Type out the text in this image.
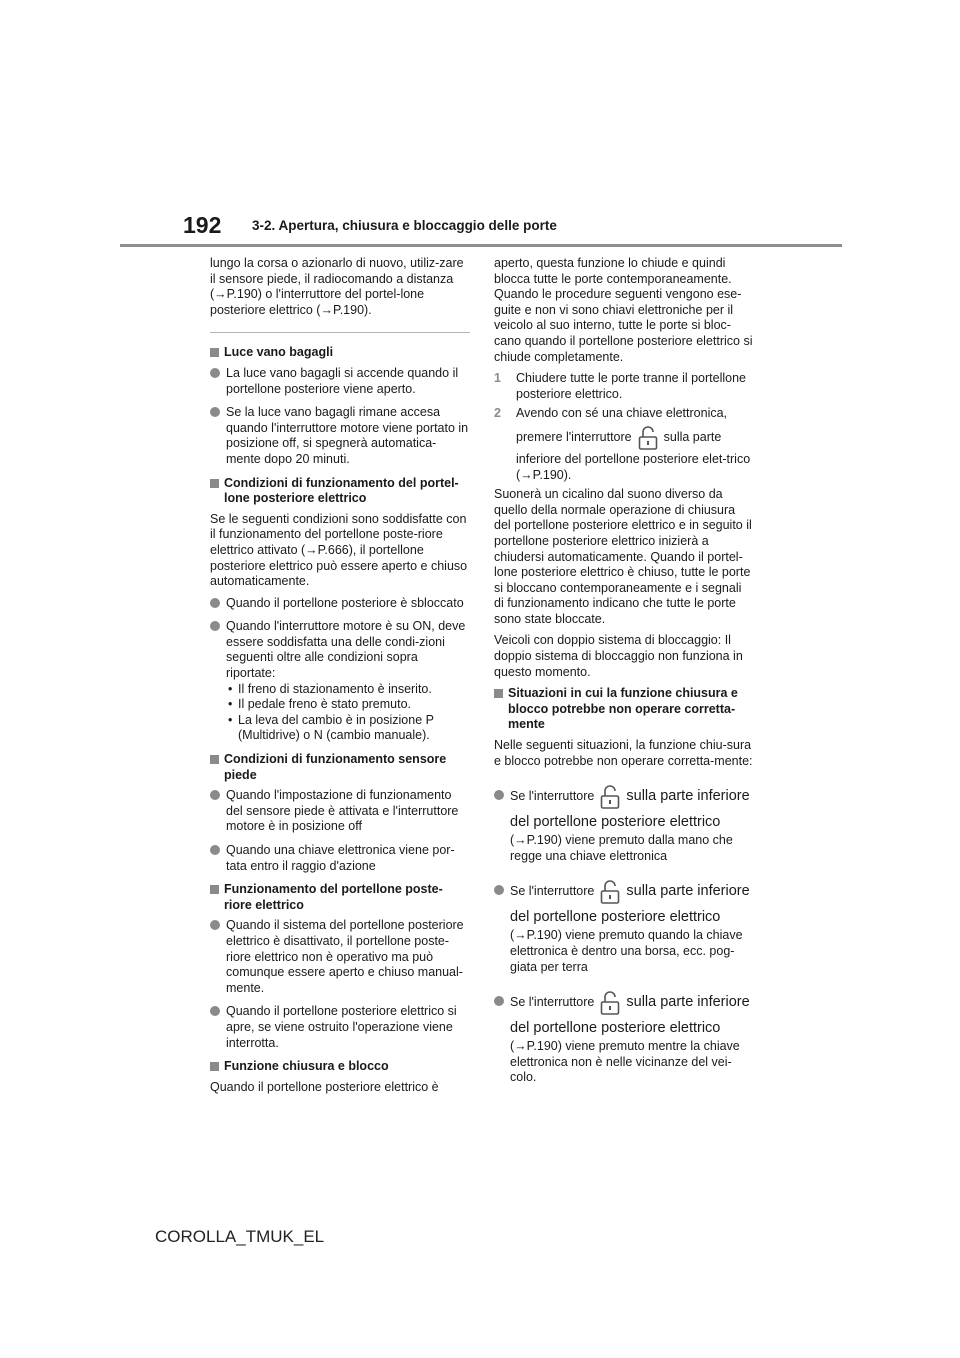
192 3-2. Apertura, chiusura e bloccaggio delle porte

lungo la corsa o azionarlo di nuovo, utiliz-zare il sensore piede, il radiocomando a distanza (→P.190) o l'interruttore del portel-lone posteriore elettrico (→P.190).

Luce vano bagagli
La luce vano bagagli si accende quando il portellone posteriore viene aperto.
Se la luce vano bagagli rimane accesa quando l'interruttore motore viene portato in posizione off, si spegnerà automatica-mente dopo 20 minuti.
Condizioni di funzionamento del portel-lone posteriore elettrico

Se le seguenti condizioni sono soddisfatte con il funzionamento del portellone poste-riore elettrico attivato (→P.666), il portellone posteriore elettrico può essere aperto e chiuso automaticamente.

Quando il portellone posteriore è sbloccato
Quando l'interruttore motore è su ON, deve essere soddisfatta una delle condi-zioni seguenti oltre alle condizioni sopra riportate:
• Il freno di stazionamento è inserito.
• Il pedale freno è stato premuto.
• La leva del cambio è in posizione P (Multidrive) o N (cambio manuale).
Condizioni di funzionamento sensore piede
Quando l'impostazione di funzionamento del sensore piede è attivata e l'interruttore motore è in posizione off
Quando una chiave elettronica viene por-tata entro il raggio d'azione
Funzionamento del portellone poste-riore elettrico
Quando il sistema del portellone posteriore elettrico è disattivato, il portellone poste-riore elettrico non è operativo ma può comunque essere aperto e chiuso manual-mente.
Quando il portellone posteriore elettrico si apre, se viene ostruito l'operazione viene interrotta.
Funzione chiusura e blocco

Quando il portellone posteriore elettrico è

aperto, questa funzione lo chiude e quindi blocca tutte le porte contemporaneamente. Quando le procedure seguenti vengono ese-guite e non vi sono chiavi elettroniche per il veicolo al suo interno, tutte le porte si bloc-cano quando il portellone posteriore elettrico si chiude completamente.

1 Chiudere tutte le porte tranne il portellone posteriore elettrico.
2 Avendo con sé una chiave elettronica,
premere l'interruttore	sulla parte
inferiore del portellone posteriore elet-trico (→P.190).

Suonerà un cicalino dal suono diverso da quello della normale operazione di chiusura del portellone posteriore elettrico e in seguito il portellone posteriore elettrico inizierà a chiudersi automaticamente. Quando il portel-lone posteriore elettrico è chiuso, tutte le porte si bloccano contemporaneamente e i segnali di funzionamento indicano che tutte le porte sono state bloccate.

Veicoli con doppio sistema di bloccaggio: Il doppio sistema di bloccaggio non funziona in questo momento.

Situazioni in cui la funzione chiusura e blocco potrebbe non operare corretta-mente

Nelle seguenti situazioni, la funzione chiu-sura e blocco potrebbe non operare corretta-mente:

Se l'interruttore sulla parte inferiore
del portellone posteriore elettrico
(→P.190) viene premuto dalla mano che regge una chiave elettronica
Se l'interruttore sulla parte inferiore
del portellone posteriore elettrico
(→P.190) viene premuto quando la chiave elettronica è dentro una borsa, ecc. pog-giata per terra
Se l'interruttore sulla parte inferiore
del portellone posteriore elettrico
(→P.190) viene premuto mentre la chiave elettronica non è nelle vicinanze del vei-colo.
COROLLA_TMUK_EL
